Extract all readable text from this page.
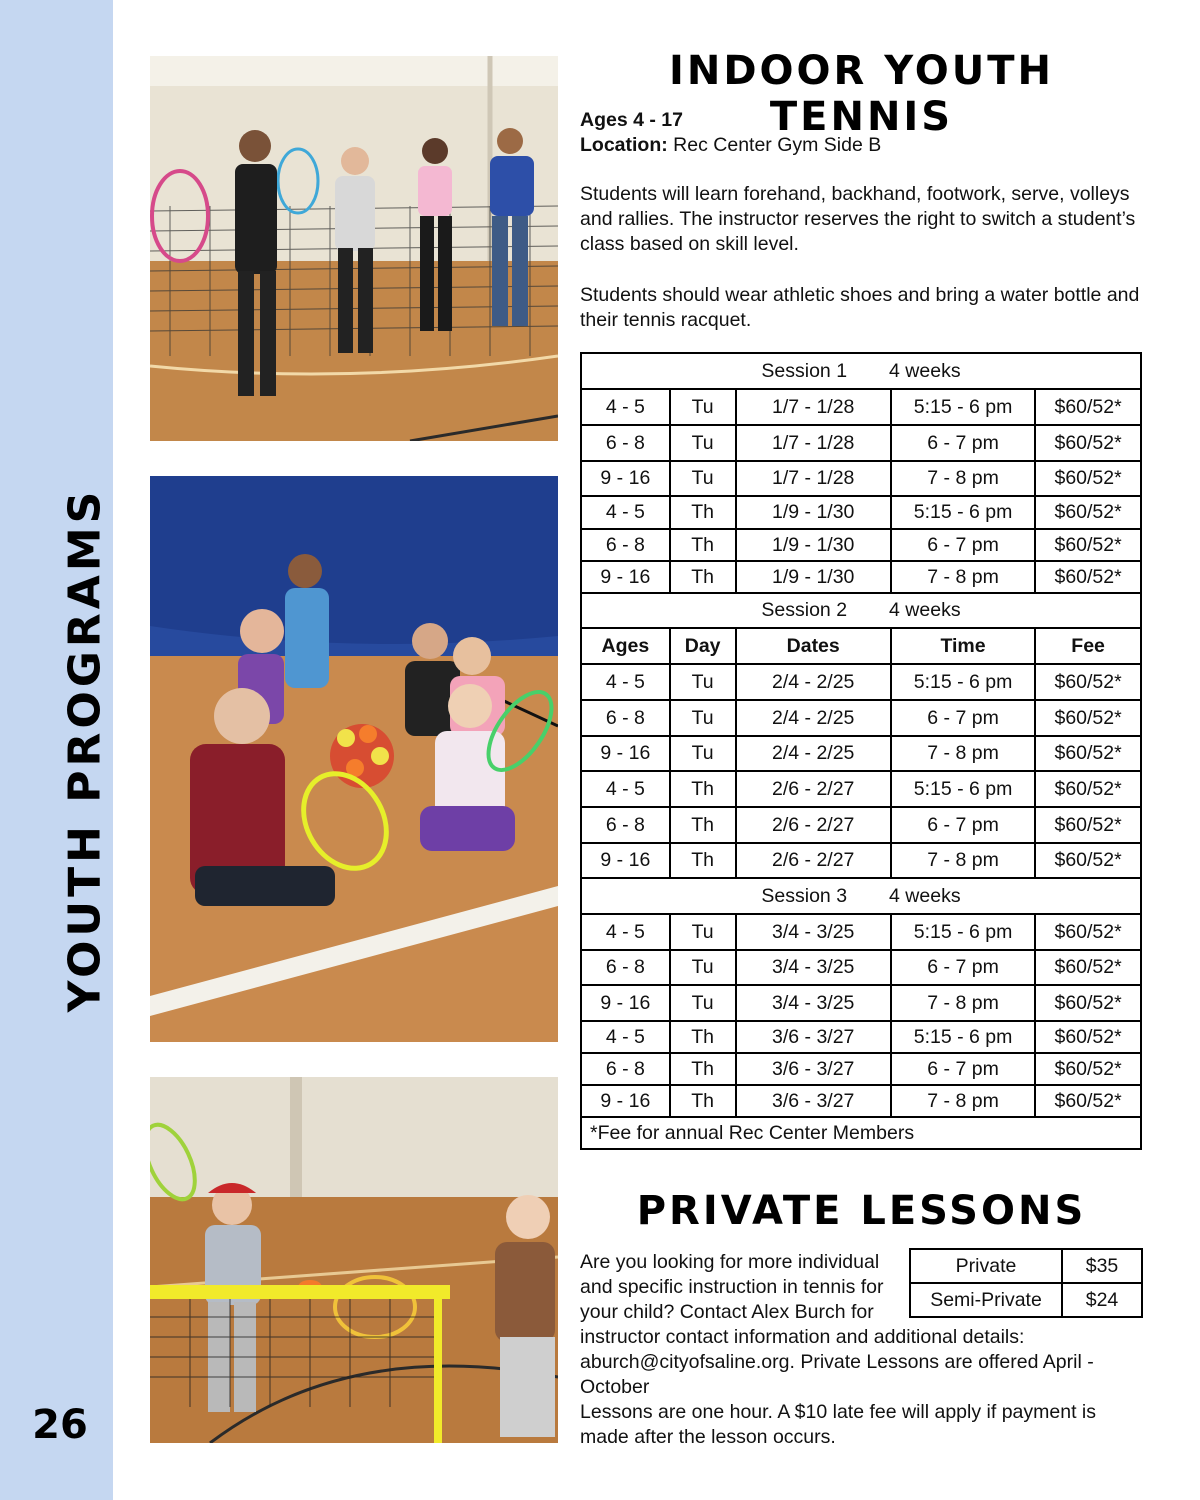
YOUTH PROGRAMS
26
INDOOR YOUTH TENNIS

Ages 4 - 17
Location: Rec Center Gym Side B

Students will learn forehand, backhand, footwork, serve, volleys and rallies. The instructor reserves the right to switch a student’s class based on skill level.

Students should wear athletic shoes and bring a water bottle and their tennis racquet.

Session 1 4 weeks				
4 - 5	Tu	1/7 - 1/28	5:15 - 6 pm	$60/52*
6 - 8	Tu	1/7 - 1/28	6 - 7 pm	$60/52*
9 - 16	Tu	1/7 - 1/28	7 - 8 pm	$60/52*
4 - 5	Th	1/9 - 1/30	5:15 - 6 pm	$60/52*
6 - 8	Th	1/9 - 1/30	6 - 7 pm	$60/52*
9 - 16	Th	1/9 - 1/30	7 - 8 pm	$60/52*
Session 2 4 weeks				
Ages	Day	Dates	Time	Fee
4 - 5	Tu	2/4 - 2/25	5:15 - 6 pm	$60/52*
6 - 8	Tu	2/4 - 2/25	6 - 7 pm	$60/52*
9 - 16	Tu	2/4 - 2/25	7 - 8 pm	$60/52*
4 - 5	Th	2/6 - 2/27	5:15 - 6 pm	$60/52*
6 - 8	Th	2/6 - 2/27	6 - 7 pm	$60/52*
9 - 16	Th	2/6 - 2/27	7 - 8 pm	$60/52*
Session 3 4 weeks				
4 - 5	Tu	3/4 - 3/25	5:15 - 6 pm	$60/52*
6 - 8	Tu	3/4 - 3/25	6 - 7 pm	$60/52*
9 - 16	Tu	3/4 - 3/25	7 - 8 pm	$60/52*
4 - 5	Th	3/6 - 3/27	5:15 - 6 pm	$60/52*
6 - 8	Th	3/6 - 3/27	6 - 7 pm	$60/52*
9 - 16	Th	3/6 - 3/27	7 - 8 pm	$60/52*
*Fee for annual Rec Center Members				
PRIVATE LESSONS
Private	$35
Semi-Private	$24
Are you looking for more individual and specific instruction in tennis for your child? Contact Alex Burch for instructor contact information and additional details: aburch@cityofsaline.org. Private Lessons are offered April - October

Lessons are one hour. A $10 late fee will apply if payment is made after the lesson occurs.
